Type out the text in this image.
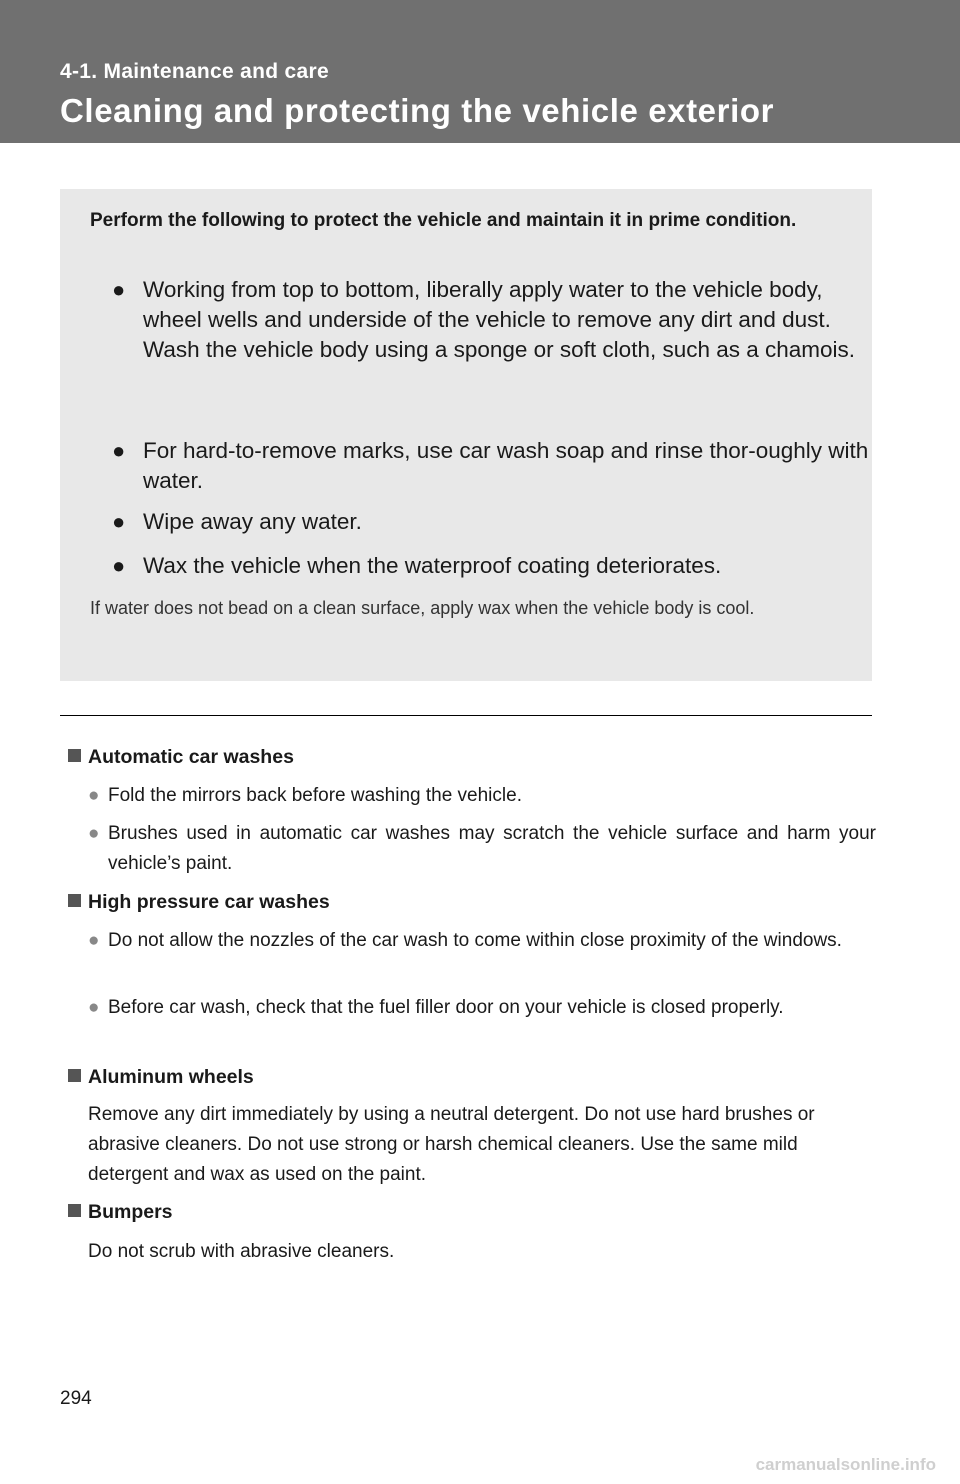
4-1. Maintenance and care
Cleaning and protecting the vehicle exterior
Perform the following to protect the vehicle and maintain it in prime condition.
● Working from top to bottom, liberally apply water to the vehicle body, wheel wells and underside of the vehicle to remove any dirt and dust.
Wash the vehicle body using a sponge or soft cloth, such as a chamois.
● For hard-to-remove marks, use car wash soap and rinse thor-oughly with water.
● Wipe away any water.
● Wax the vehicle when the waterproof coating deteriorates.
If water does not bead on a clean surface, apply wax when the vehicle body is cool.
Automatic car washes
● Fold the mirrors back before washing the vehicle.
● Brushes used in automatic car washes may scratch the vehicle surface and harm your vehicle’s paint.
High pressure car washes
● Do not allow the nozzles of the car wash to come within close proximity of the windows.
● Before car wash, check that the fuel filler door on your vehicle is closed properly.
Aluminum wheels
Remove any dirt immediately by using a neutral detergent. Do not use hard brushes or abrasive cleaners. Do not use strong or harsh chemical cleaners. Use the same mild detergent and wax as used on the paint.
Bumpers
Do not scrub with abrasive cleaners.
294
carmanualsonline.info
